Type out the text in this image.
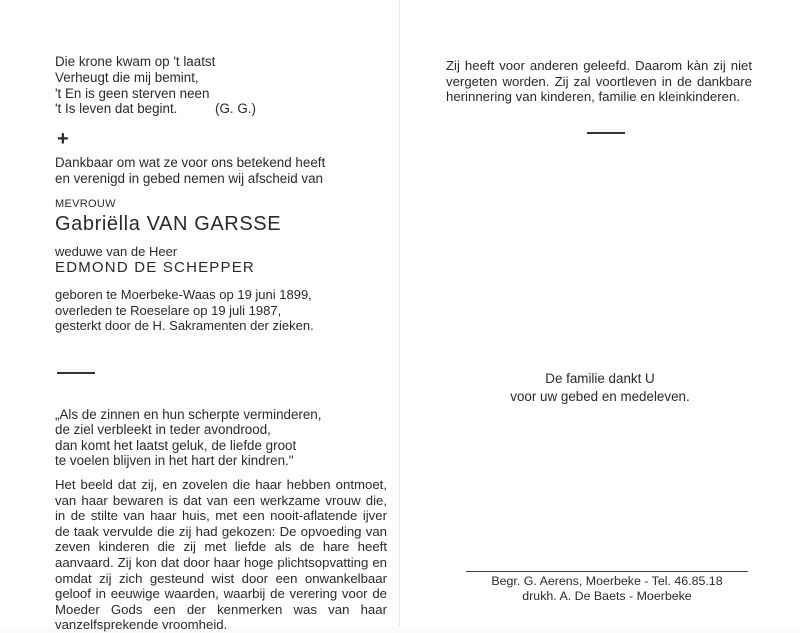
Die krone kwam op 't laatst
Verheugt die mij bemint,
't En is geen sterven neen
't Is leven dat begint.	(G. G.)
+
Dankbaar om wat ze voor ons betekend heeft
en verenigd in gebed nemen wij afscheid van
MEVROUW
Gabriëlla VAN GARSSE
weduwe van de Heer
EDMOND DE SCHEPPER
geboren te Moerbeke-Waas op 19 juni 1899,
overleden te Roeselare op 19 juli 1987,
gesterkt door de H. Sakramenten der zieken.
„Als de zinnen en hun scherpte verminderen,
de ziel verbleekt in teder avondrood,
dan komt het laatst geluk, de liefde groot
te voelen blijven in het hart der kindren."
Het beeld dat zij, en zovelen die haar hebben ontmoet, van haar bewaren is dat van een werkzame vrouw die, in de stilte van haar huis, met een nooit-aflatende ijver de taak vervulde die zij had gekozen: De opvoeding van zeven kinderen die zij met liefde als de hare heeft aanvaard. Zij kon dat door haar hoge plichtsopvatting en omdat zij zich gesteund wist door een onwankelbaar geloof in eeuwige waarden, waarbij de verering voor de Moeder Gods een der kenmerken was van haar vanzelfsprekende vroomheid.

Zij heeft voor anderen geleefd. Daarom kàn zij niet vergeten worden. Zij zal voortleven in de dankbare herinnering van kinderen, familie en kleinkinderen.

De familie dankt U
voor uw gebed en medeleven.
Begr. G. Aerens, Moerbeke - Tel. 46.85.18
drukh. A. De Baets - Moerbeke
